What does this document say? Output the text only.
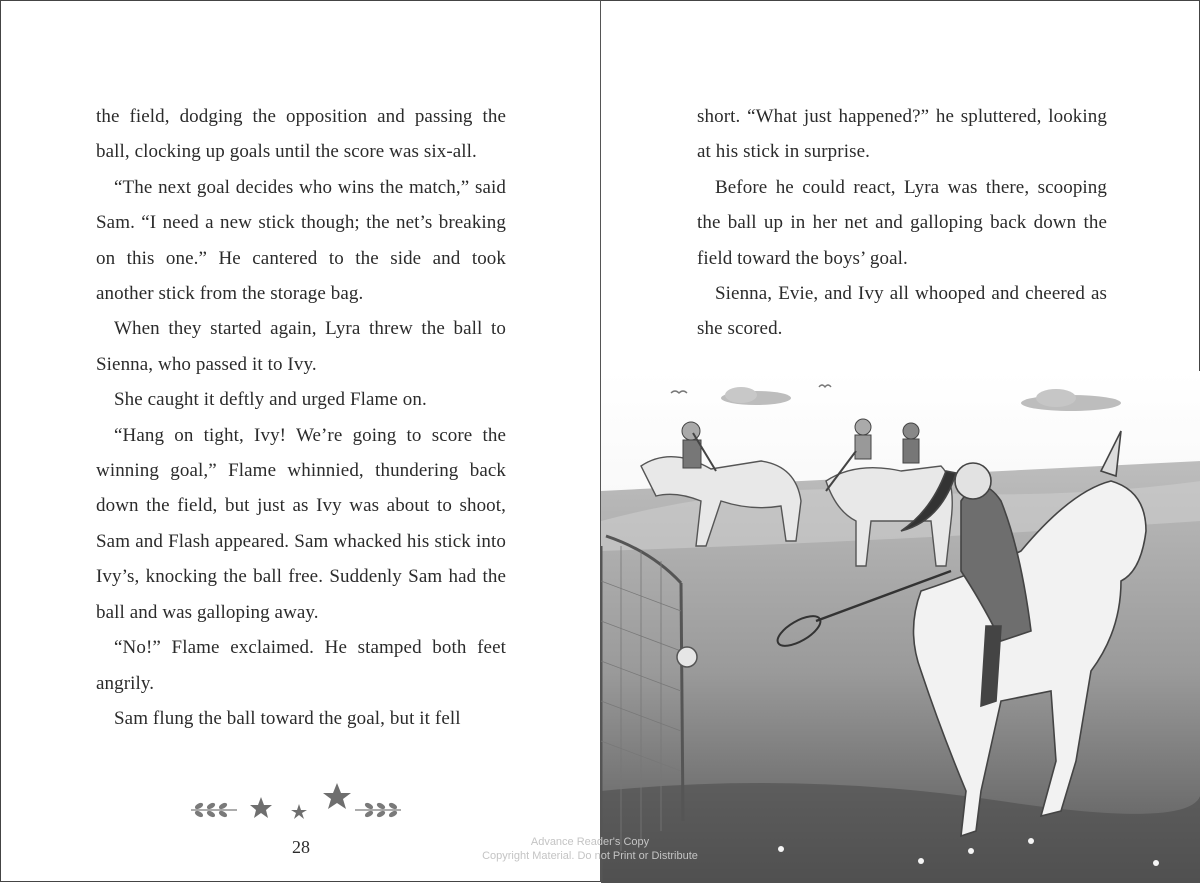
the field, dodging the opposition and passing the ball, clocking up goals until the score was six-all.

“The next goal decides who wins the match,” said Sam. “I need a new stick though; the net’s breaking on this one.” He cantered to the side and took another stick from the storage bag.

When they started again, Lyra threw the ball to Sienna, who passed it to Ivy.

She caught it deftly and urged Flame on.

“Hang on tight, Ivy! We’re going to score the winning goal,” Flame whinnied, thundering back down the field, but just as Ivy was about to shoot, Sam and Flash appeared. Sam whacked his stick into Ivy’s, knocking the ball free. Suddenly Sam had the ball and was galloping away.

“No!” Flame exclaimed. He stamped both feet angrily.

Sam flung the ball toward the goal, but it fell

28

short. “What just happened?” he spluttered, looking at his stick in surprise.

Before he could react, Lyra was there, scooping the ball up in her net and galloping back down the field toward the boys’ goal.

Sienna, Evie, and Ivy all whooped and cheered as she scored.

Advance Reader's Copy
Copyright Material. Do not Print or Distribute
